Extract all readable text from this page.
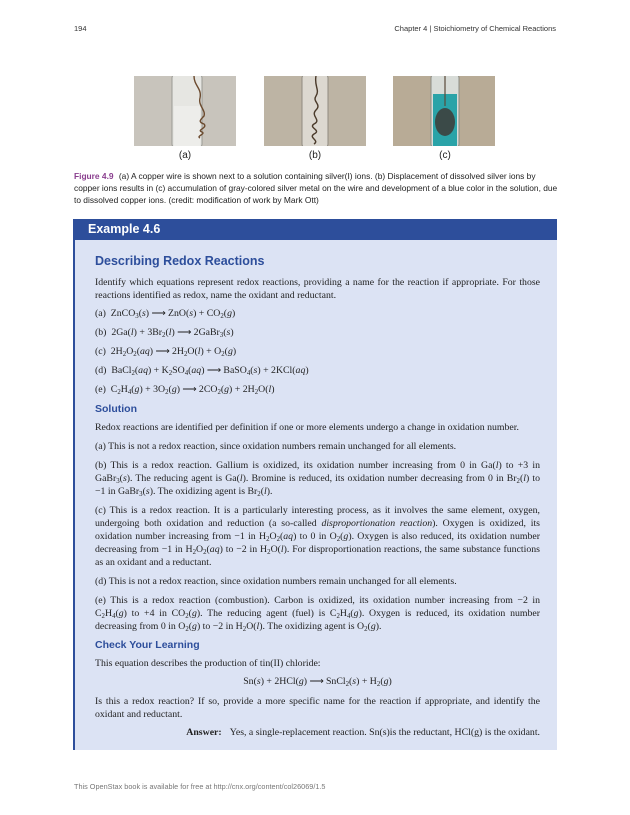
194	Chapter 4 | Stoichiometry of Chemical Reactions
(a)	(b)	(c)
Figure 4.9 (a) A copper wire is shown next to a solution containing silver(I) ions. (b) Displacement of dissolved silver ions by copper ions results in (c) accumulation of gray-colored silver metal on the wire and development of a blue color in the solution, due to dissolved copper ions. (credit: modification of work by Mark Ott)
Example 4.6
Describing Redox Reactions

Identify which equations represent redox reactions, providing a name for the reaction if appropriate. For those reactions identified as redox, name the oxidant and reductant.

(a)  ZnCO$_3$(s) ⟶ $ZnO(s) + CO_2(g)$
(b)  $2Ga(l) + 3Br_2(l)$ ⟶ 2GaBr$_3$(s)
(c)  $2H_2O_2(aq)$ ⟶ $2H_2O(l) + O_2(g)$
(d)  BaCl$_2$(aq) + $K_2SO_4(aq)$ ⟶ BaSO$_4$(s) + 2KCl(aq)
(e)  $C_2H_4(g) + 3O_2(g)$ ⟶ $2CO_2(g) + 2H_2O(l)$
Solution

Redox reactions are identified per definition if one or more elements undergo a change in oxidation number.

(a) This is not a redox reaction, since oxidation numbers remain unchanged for all elements.

(b) This is a redox reaction. Gallium is oxidized, its oxidation number increasing from 0 in Ga(l) to +3 in GaBr$_3$(s). The reducing agent is Ga(l). Bromine is reduced, its oxidation number decreasing from 0 in $Br_2(l)$ to −1 in GaBr$_3$(s). The oxidizing agent is $Br_2(l)$.

(c) This is a redox reaction. It is a particularly interesting process, as it involves the same element, oxygen, undergoing both oxidation and reduction (a so-called disproportionation reaction). Oxygen is oxidized, its oxidation number increasing from −1 in $H_2O_2(aq)$ to 0 in $O_2(g)$. Oxygen is also reduced, its oxidation number decreasing from −1 in $H_2O_2(aq)$ to −2 in $H_2O(l)$. For disproportionation reactions, the same substance functions as an oxidant and a reductant.

(d) This is not a redox reaction, since oxidation numbers remain unchanged for all elements.

(e) This is a redox reaction (combustion). Carbon is oxidized, its oxidation number increasing from −2 in $C_2H_4(g)$ to +4 in $CO_2(g)$. The reducing agent (fuel) is $C_2H_4(g)$. Oxygen is reduced, its oxidation number decreasing from 0 in $O_2(g)$ to −2 in $H_2O(l)$. The oxidizing agent is $O_2(g)$.

Check Your Learning

This equation describes the production of tin(II) chloride:

Sn(s) + 2HCl(g) ⟶ SnCl$_2$(s) + $H_2(g)$

Is this a redox reaction? If so, provide a more specific name for the reaction if appropriate, and identify the oxidant and reductant.

Answer: Yes, a single-replacement reaction. Sn(s)is the reductant, HCl(g) is the oxidant.
This OpenStax book is available for free at http://cnx.org/content/col26069/1.5
